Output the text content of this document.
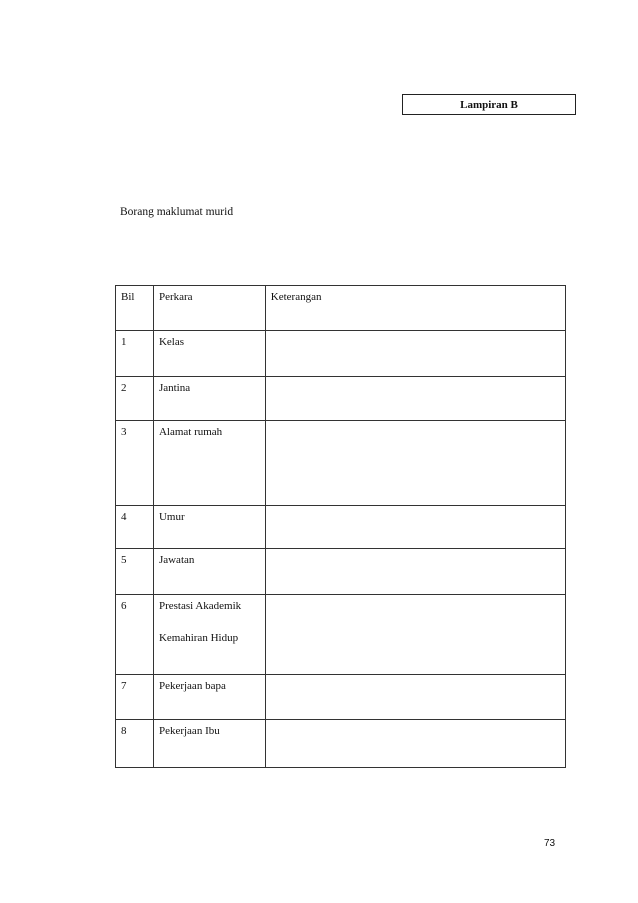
Lampiran B
Borang maklumat murid
Bil	Perkara	Keterangan
1	Kelas	
2	Jantina	
3	Alamat rumah	
4	Umur	
5	Jawatan	
6	Prestasi Akademik
Kemahiran Hidup	

7	Pekerjaan bapa	
8	Pekerjaan Ibu	
73
